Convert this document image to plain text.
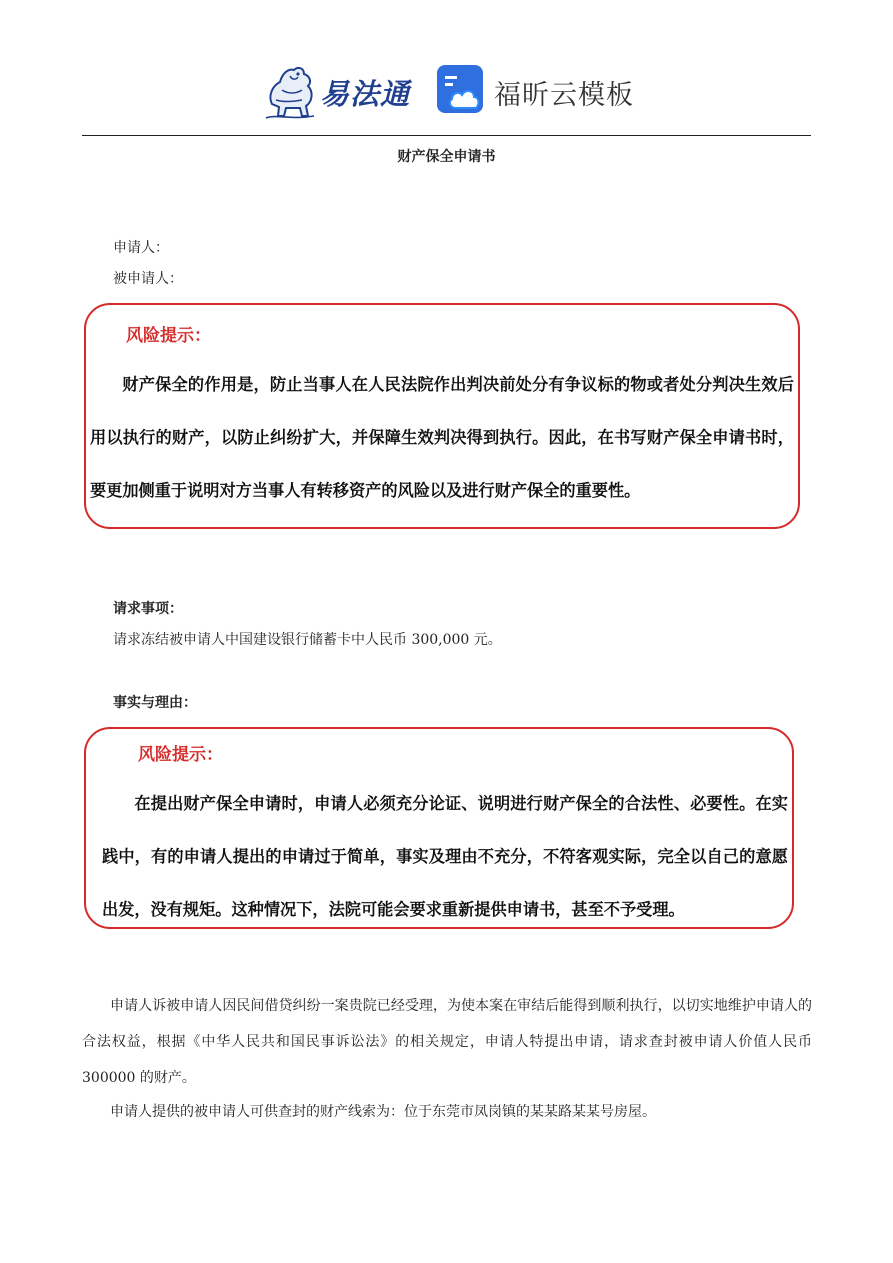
易法通	福昕云模板
财产保全申请书
申请人：
被申请人：
风险提示：
财产保全的作用是，防止当事人在人民法院作出判决前处分有争议标的物或者处分判决生效后用以执行的财产，以防止纠纷扩大，并保障生效判决得到执行。因此，在书写财产保全申请书时，要更加侧重于说明对方当事人有转移资产的风险以及进行财产保全的重要性。
请求事项：
请求冻结被申请人中国建设银行储蓄卡中人民币 300,000 元。
事实与理由：
风险提示：
在提出财产保全申请时，申请人必须充分论证、说明进行财产保全的合法性、必要性。在实践中，有的申请人提出的申请过于简单，事实及理由不充分，不符客观实际，完全以自己的意愿出发，没有规矩。这种情况下，法院可能会要求重新提供申请书，甚至不予受理。
申请人诉被申请人因民间借贷纠纷一案贵院已经受理，为使本案在审结后能得到顺利执行，以切实地维护申请人的合法权益，根据《中华人民共和国民事诉讼法》的相关规定，申请人特提出申请，请求查封被申请人价值人民币 300000 的财产。
申请人提供的被申请人可供查封的财产线索为：位于东莞市凤岗镇的某某路某某号房屋。
